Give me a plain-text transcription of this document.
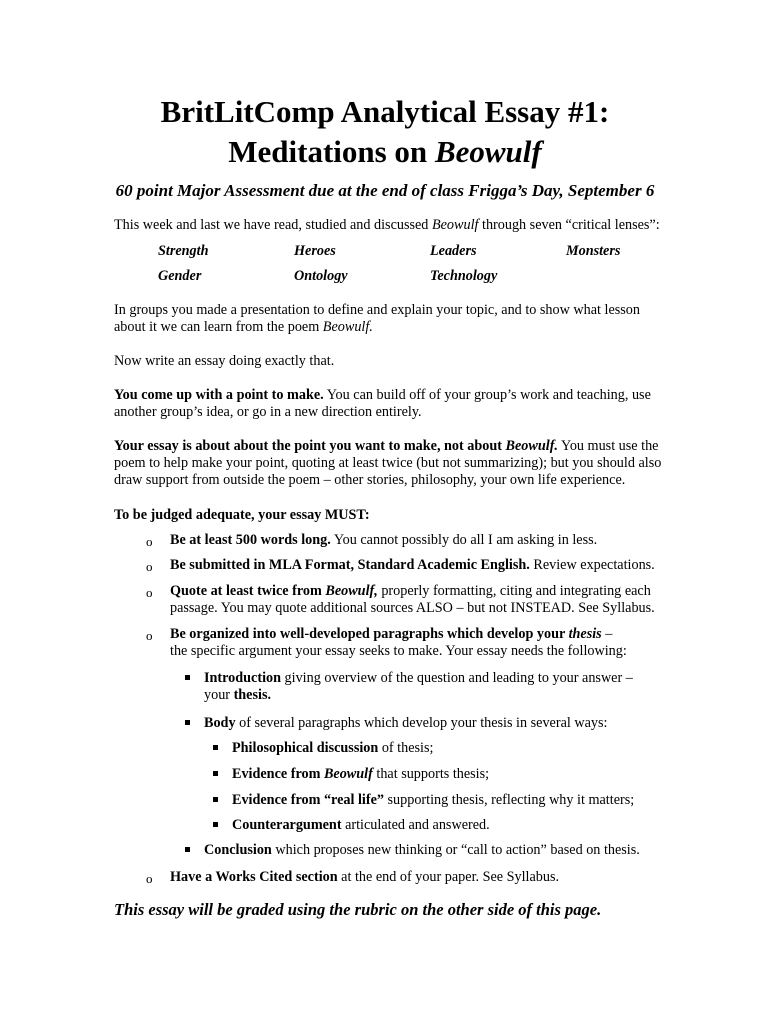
BritLitComp Analytical Essay #1:
Meditations on Beowulf
60 point Major Assessment due at the end of class Frigga’s Day, September 6
This week and last we have read, studied and discussed Beowulf through seven “critical lenses”:
Strength	Heroes	Leaders	Monsters
Gender	Ontology	Technology
In groups you made a presentation to define and explain your topic, and to show what lesson
about it we can learn from the poem Beowulf.
Now write an essay doing exactly that.
You come up with a point to make. You can build off of your group’s work and teaching, use
another group’s idea, or go in a new direction entirely.
Your essay is about about the point you want to make, not about Beowulf. You must use the
poem to help make your point, quoting at least twice (but not summarizing); but you should also
draw support from outside the poem – other stories, philosophy, your own life experience.
To be judged adequate, your essay MUST:
o Be at least 500 words long. You cannot possibly do all I am asking in less.
o Be submitted in MLA Format, Standard Academic English. Review expectations.
o Quote at least twice from Beowulf, properly formatting, citing and integrating each
passage. You may quote additional sources ALSO – but not INSTEAD. See Syllabus.
o Be organized into well-developed paragraphs which develop your thesis –
the specific argument your essay seeks to make. Your essay needs the following:
Introduction giving overview of the question and leading to your answer –
your thesis.
Body of several paragraphs which develop your thesis in several ways:
Philosophical discussion of thesis;
Evidence from Beowulf that supports thesis;
Evidence from “real life” supporting thesis, reflecting why it matters;
Counterargument articulated and answered.
Conclusion which proposes new thinking or “call to action” based on thesis.
o Have a Works Cited section at the end of your paper. See Syllabus.
This essay will be graded using the rubric on the other side of this page.
